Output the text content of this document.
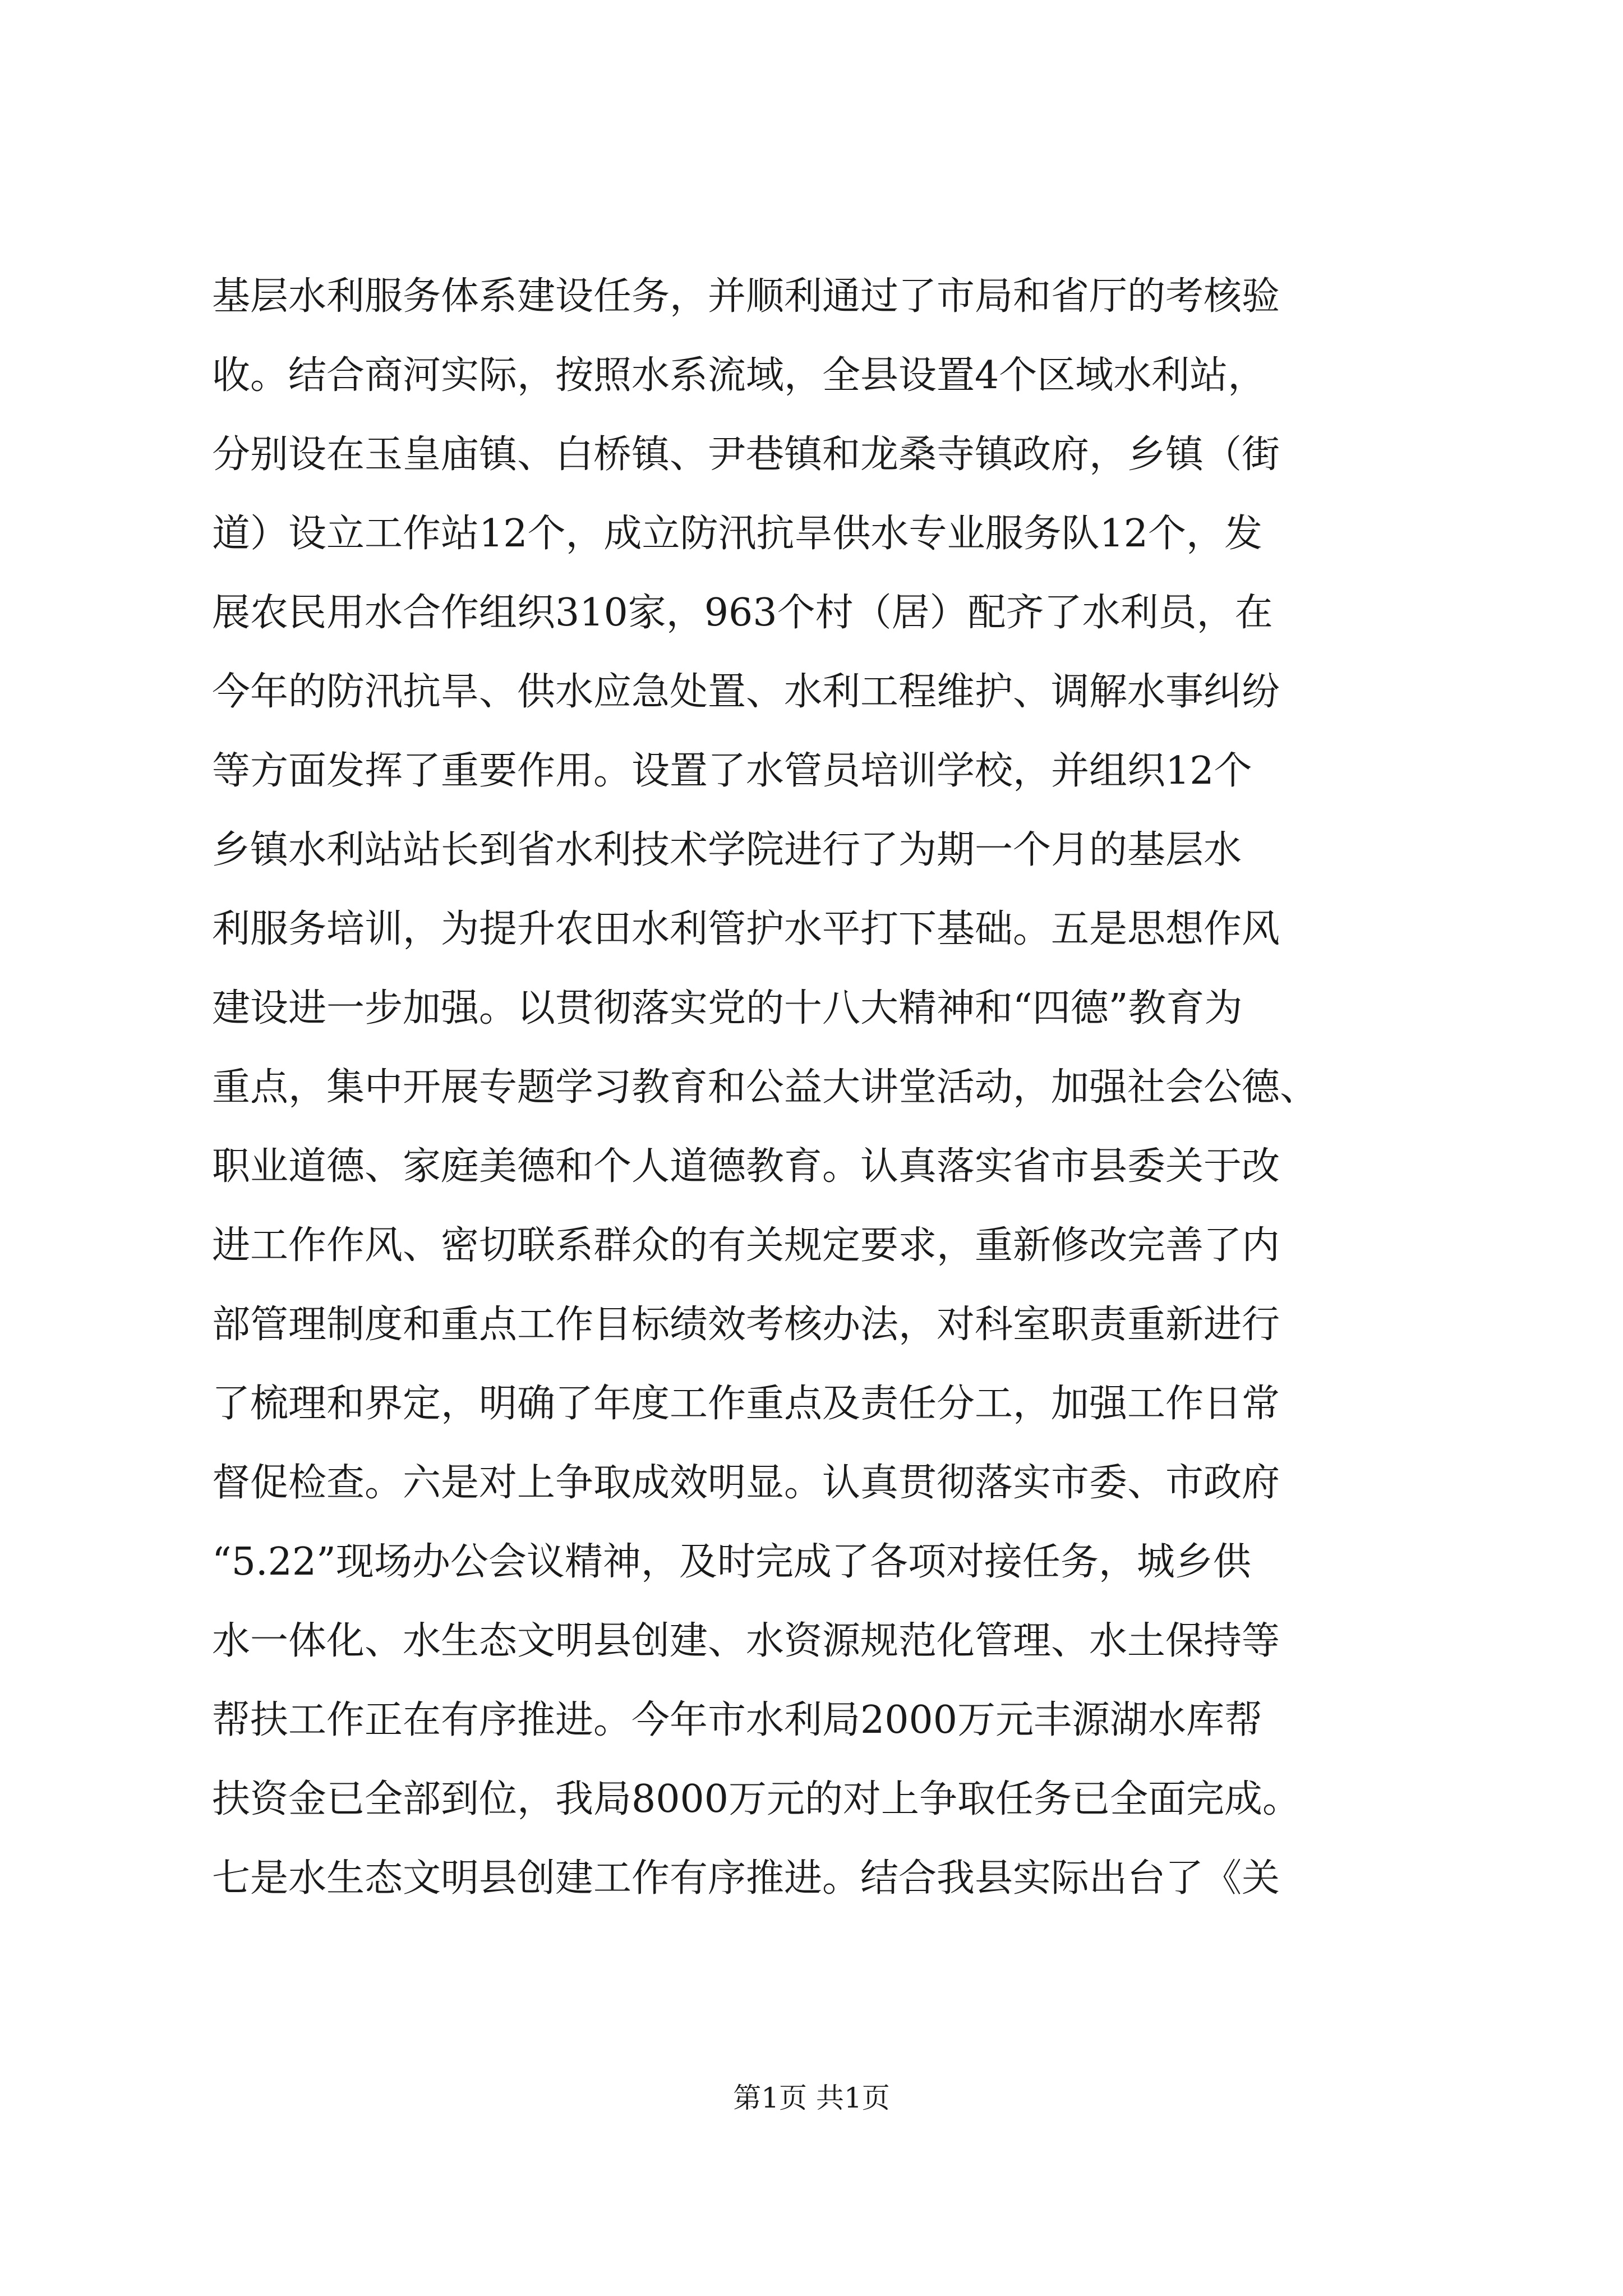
基层水利服务体系建设任务，并顺利通过了市局和省厅的考核验
收。结合商河实际，按照水系流域，全县设置4个区域水利站，
分别设在玉皇庙镇、白桥镇、尹巷镇和龙桑寺镇政府，乡镇（街
道）设立工作站12个，成立防汛抗旱供水专业服务队12个，发
展农民用水合作组织310家，963个村（居）配齐了水利员，在
今年的防汛抗旱、供水应急处置、水利工程维护、调解水事纠纷
等方面发挥了重要作用。设置了水管员培训学校，并组织12个
乡镇水利站站长到省水利技术学院进行了为期一个月的基层水
利服务培训，为提升农田水利管护水平打下基础。五是思想作风
建设进一步加强。以贯彻落实党的十八大精神和“四德”教育为
重点，集中开展专题学习教育和公益大讲堂活动，加强社会公德、
职业道德、家庭美德和个人道德教育。认真落实省市县委关于改
进工作作风、密切联系群众的有关规定要求，重新修改完善了内
部管理制度和重点工作目标绩效考核办法，对科室职责重新进行
了梳理和界定，明确了年度工作重点及责任分工，加强工作日常
督促检查。六是对上争取成效明显。认真贯彻落实市委、市政府
“5.22”现场办公会议精神，及时完成了各项对接任务，城乡供
水一体化、水生态文明县创建、水资源规范化管理、水土保持等
帮扶工作正在有序推进。今年市水利局2000万元丰源湖水库帮
扶资金已全部到位，我局8000万元的对上争取任务已全面完成。
七是水生态文明县创建工作有序推进。结合我县实际出台了《关
第1页 共1页
